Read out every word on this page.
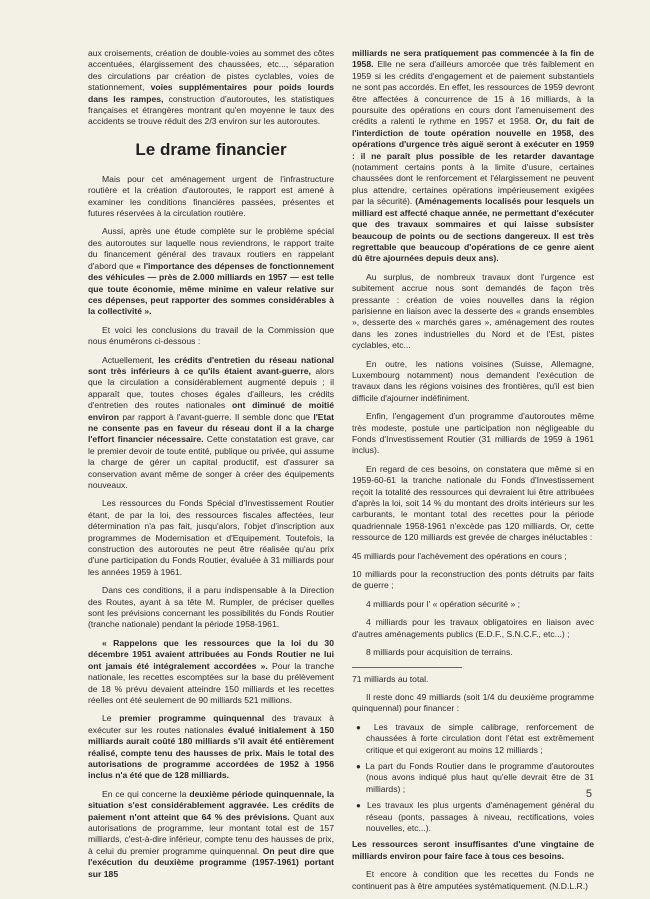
aux croisements, création de double-voies au sommet des côtes accentuées, élargissement des chaussées, etc..., séparation des circulations par création de pistes cyclables, voies de stationnement, voies supplémentaires pour poids lourds dans les rampes, construction d'autoroutes, les statistiques françaises et étrangères montrant qu'en moyenne le taux des accidents se trouve réduit des 2/3 environ sur les autoroutes.

Le drame financier

Mais pour cet aménagement urgent de l'infrastructure routière et la création d'autoroutes, le rapport est amené à examiner les conditions financières passées, présentes et futures réservées à la circulation routière.

Aussi, après une étude complète sur le problème spécial des autoroutes sur laquelle nous reviendrons, le rapport traite du financement général des travaux routiers en rappelant d'abord que « l'importance des dépenses de fonctionnement des véhicules — près de 2.000 milliards en 1957 — est telle que toute économie, même minime en valeur relative sur ces dépenses, peut rapporter des sommes considérables à la collectivité ».

Et voici les conclusions du travail de la Commission que nous énumérons ci-dessous :

Actuellement, les crédits d'entretien du réseau national sont très inférieurs à ce qu'ils étaient avant-guerre, alors que la circulation a considérablement augmenté depuis ; il apparaît que, toutes choses égales d'ailleurs, les crédits d'entretien des routes nationales ont diminué de moitié environ par rapport à l'avant-guerre. Il semble donc que l'Etat ne consente pas en faveur du réseau dont il a la charge l'effort financier nécessaire. Cette constatation est grave, car le premier devoir de toute entité, publique ou privée, qui assume la charge de gérer un capital productif, est d'assurer sa conservation avant même de songer à créer des équipements nouveaux.

Les ressources du Fonds Spécial d'Investissement Routier étant, de par la loi, des ressources fiscales affectées, leur détermination n'a pas fait, jusqu'alors, l'objet d'inscription aux programmes de Modernisation et d'Equipement. Toutefois, la construction des autoroutes ne peut être réalisée qu'au prix d'une participation du Fonds Routier, évaluée à 31 milliards pour les années 1959 à 1961.

Dans ces conditions, il a paru indispensable à la Direction des Routes, ayant à sa tête M. Rumpler, de préciser quelles sont les prévisions concernant les possibilités du Fonds Routier (tranche nationale) pendant la période 1958-1961.

« Rappelons que les ressources que la loi du 30 décembre 1951 avaient attribuées au Fonds Routier ne lui ont jamais été intégralement accordées ». Pour la tranche nationale, les recettes escomptées sur la base du prélèvement de 18 % prévu devaient atteindre 150 milliards et les recettes réelles ont été seulement de 90 milliards 521 millions.

Le premier programme quinquennal des travaux à exécuter sur les routes nationales évalué initialement à 150 milliards aurait coûté 180 milliards s'il avait été entièrement réalisé, compte tenu des hausses de prix. Mais le total des autorisations de programme accordées de 1952 à 1956 inclus n'a été que de 128 milliards.

En ce qui concerne la deuxième période quinquennale, la situation s'est considérablement aggravée. Les crédits de paiement n'ont atteint que 64 % des prévisions. Quant aux autorisations de programme, leur montant total est de 157 milliards, c'est-à-dire inférieur, compte tenu des hausses de prix, à celui du premier programme quinquennal. On peut dire que l'exécution du deuxième programme (1957-1961) portant sur 185

milliards ne sera pratiquement pas commencée à la fin de 1958. Elle ne sera d'ailleurs amorcée que très faiblement en 1959 si les crédits d'engagement et de paiement substantiels ne sont pas accordés. En effet, les ressources de 1959 devront être affectées à concurrence de 15 à 16 milliards, à la poursuite des opérations en cours dont l'amenuisement des crédits a ralenti le rythme en 1957 et 1958. Or, du fait de l'interdiction de toute opération nouvelle en 1958, des opérations d'urgence très aiguë seront à exécuter en 1959 : il ne paraît plus possible de les retarder davantage (notamment certains ponts à la limite d'usure, certaines chaussées dont le renforcement et l'élargissement ne peuvent plus attendre, certaines opérations impérieusement exigées par la sécurité). (Aménagements localisés pour lesquels un milliard est affecté chaque année, ne permettant d'exécuter que des travaux sommaires et qui laisse subsister beaucoup de points ou de sections dangereux. Il est très regrettable que beaucoup d'opérations de ce genre aient dû être ajournées depuis deux ans).

Au surplus, de nombreux travaux dont l'urgence est subitement accrue nous sont demandés de façon très pressante : création de voies nouvelles dans la région parisienne en liaison avec la desserte des « grands ensembles », desserte des « marchés gares », aménagement des routes dans les zones industrielles du Nord et de l'Est, pistes cyclables, etc...

En outre, les nations voisines (Suisse, Allemagne, Luxembourg notamment) nous demandent l'exécution de travaux dans les régions voisines des frontières, qu'il est bien difficile d'ajourner indéfiniment.

Enfin, l'engagement d'un programme d'autoroutes même très modeste, postule une participation non négligeable du Fonds d'Investissement Routier (31 milliards de 1959 à 1961 inclus).

En regard de ces besoins, on constatera que même si en 1959-60-61 la tranche nationale du Fonds d'Investissement reçoit la totalité des ressources qui devraient lui être attribuées d'après la loi, soit 14 % du montant des droits intérieurs sur les carburants, le montant total des recettes pour la période quadriennale 1958-1961 n'excède pas 120 milliards. Or, cette ressource de 120 milliards est grevée de charges inéluctables :

45 milliards pour l'achèvement des opérations en cours ;

10 milliards pour la reconstruction des ponts détruits par faits de guerre ;

4 milliards pour l' « opération sécurité » ;

4 milliards pour les travaux obligatoires en liaison avec d'autres aménagements publics (E.D.F., S.N.C.F., etc...) ;

8 milliards pour acquisition de terrains.

71 milliards au total.

Il reste donc 49 milliards (soit 1/4 du deuxième programme quinquennal) pour financer :

● Les travaux de simple calibrage, renforcement de chaussées à forte circulation dont l'état est extrêmement critique et qui exigeront au moins 12 milliards ;

● La part du Fonds Routier dans le programme d'autoroutes (nous avons indiqué plus haut qu'elle devrait être de 31 milliards) ;

● Les travaux les plus urgents d'aménagement général du réseau (ponts, passages à niveau, rectifications, voies nouvelles, etc...).

Les ressources seront insuffisantes d'une vingtaine de milliards environ pour faire face à tous ces besoins.

Et encore à condition que les recettes du Fonds ne continuent pas à être amputées systématiquement. (N.D.L.R.)

5
